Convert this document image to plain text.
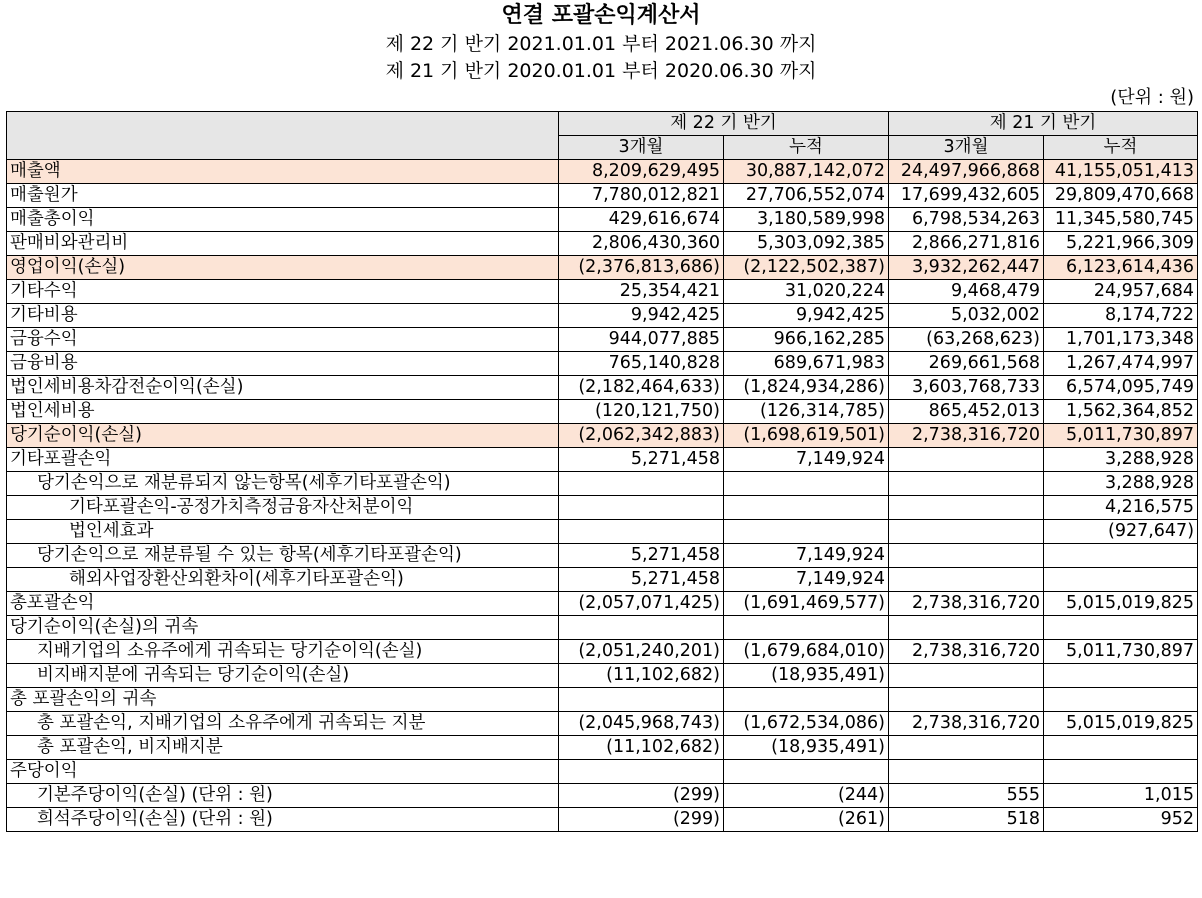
연결 포괄손익계산서
제 22 기 반기 2021.01.01 부터 2021.06.30 까지
제 21 기 반기 2020.01.01 부터 2020.06.30 까지
(단위 : 원)
	제 22 기 반기		제 21 기 반기	
	3개월	누적	3개월	누적
매출액	8,209,629,495	30,887,142,072	24,497,966,868	41,155,051,413
매출원가	7,780,012,821	27,706,552,074	17,699,432,605	29,809,470,668
매출총이익	429,616,674	3,180,589,998	6,798,534,263	11,345,580,745
판매비와관리비	2,806,430,360	5,303,092,385	2,866,271,816	5,221,966,309
영업이익(손실)	(2,376,813,686)	(2,122,502,387)	3,932,262,447	6,123,614,436
기타수익	25,354,421	31,020,224	9,468,479	24,957,684
기타비용	9,942,425	9,942,425	5,032,002	8,174,722
금융수익	944,077,885	966,162,285	(63,268,623)	1,701,173,348
금융비용	765,140,828	689,671,983	269,661,568	1,267,474,997
법인세비용차감전순이익(손실)	(2,182,464,633)	(1,824,934,286)	3,603,768,733	6,574,095,749
법인세비용	(120,121,750)	(126,314,785)	865,452,013	1,562,364,852
당기순이익(손실)	(2,062,342,883)	(1,698,619,501)	2,738,316,720	5,011,730,897
기타포괄손익	5,271,458	7,149,924		3,288,928
당기손익으로 재분류되지 않는항목(세후기타포괄손익)				3,288,928
기타포괄손익-공정가치측정금융자산처분이익				4,216,575
법인세효과				(927,647)
당기손익으로 재분류될 수 있는 항목(세후기타포괄손익)	5,271,458	7,149,924		
해외사업장환산외환차이(세후기타포괄손익)	5,271,458	7,149,924		
총포괄손익	(2,057,071,425)	(1,691,469,577)	2,738,316,720	5,015,019,825
당기순이익(손실)의 귀속				
지배기업의 소유주에게 귀속되는 당기순이익(손실)	(2,051,240,201)	(1,679,684,010)	2,738,316,720	5,011,730,897
비지배지분에 귀속되는 당기순이익(손실)	(11,102,682)	(18,935,491)		
총 포괄손익의 귀속				
총 포괄손익, 지배기업의 소유주에게 귀속되는 지분	(2,045,968,743)	(1,672,534,086)	2,738,316,720	5,015,019,825
총 포괄손익, 비지배지분	(11,102,682)	(18,935,491)		
주당이익				
기본주당이익(손실) (단위 : 원)	(299)	(244)	555	1,015
희석주당이익(손실) (단위 : 원)	(299)	(261)	518	952
